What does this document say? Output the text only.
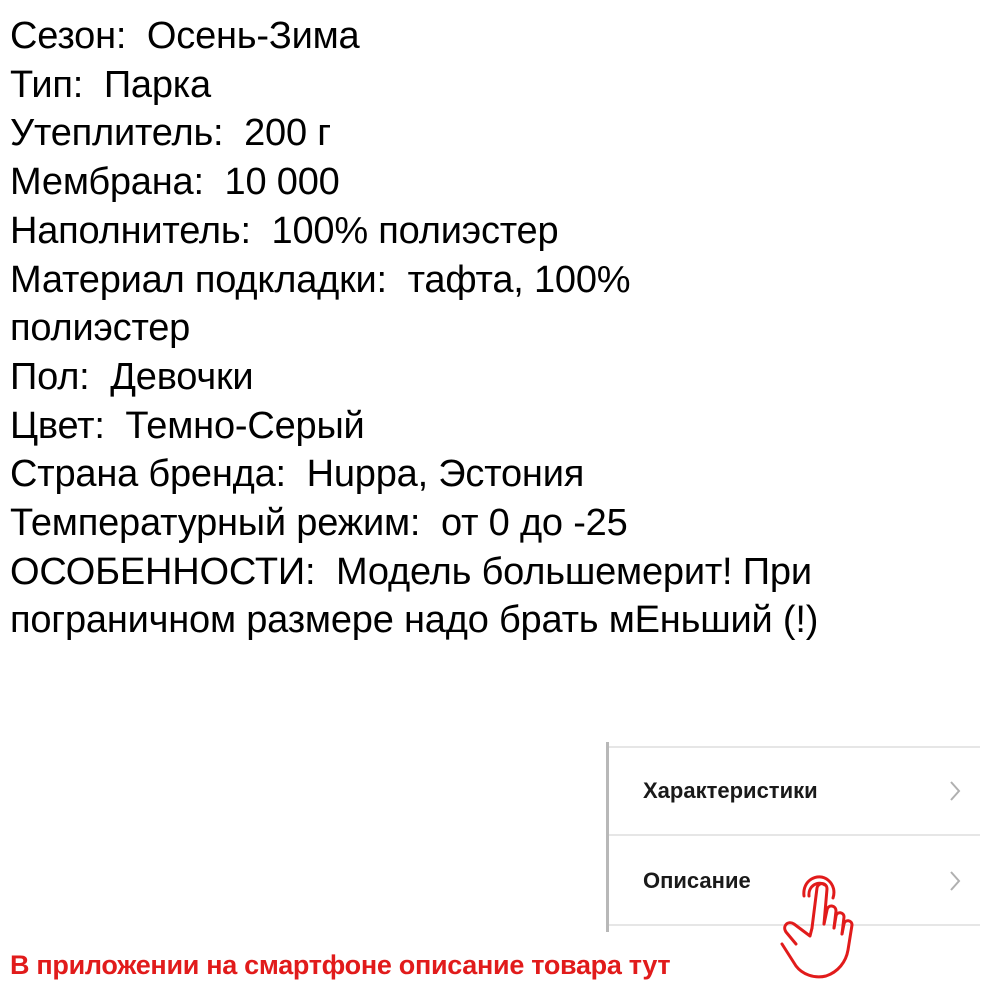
Сезон:  Осень-Зима
Тип:  Парка
Утеплитель:  200 г
Мембрана:  10 000
Наполнитель:  100% полиэстер
Материал подкладки:  тафта, 100% полиэстер
Пол:  Девочки
Цвет:  Темно-Серый
Страна бренда:  Huppa, Эстония
Температурный режим:  от 0 до -25
ОСОБЕННОСТИ:  Модель большемерит! При пограничном размере надо брать мЕньший (!)
Характеристики
Описание
В приложении на смартфоне описание товара тут
